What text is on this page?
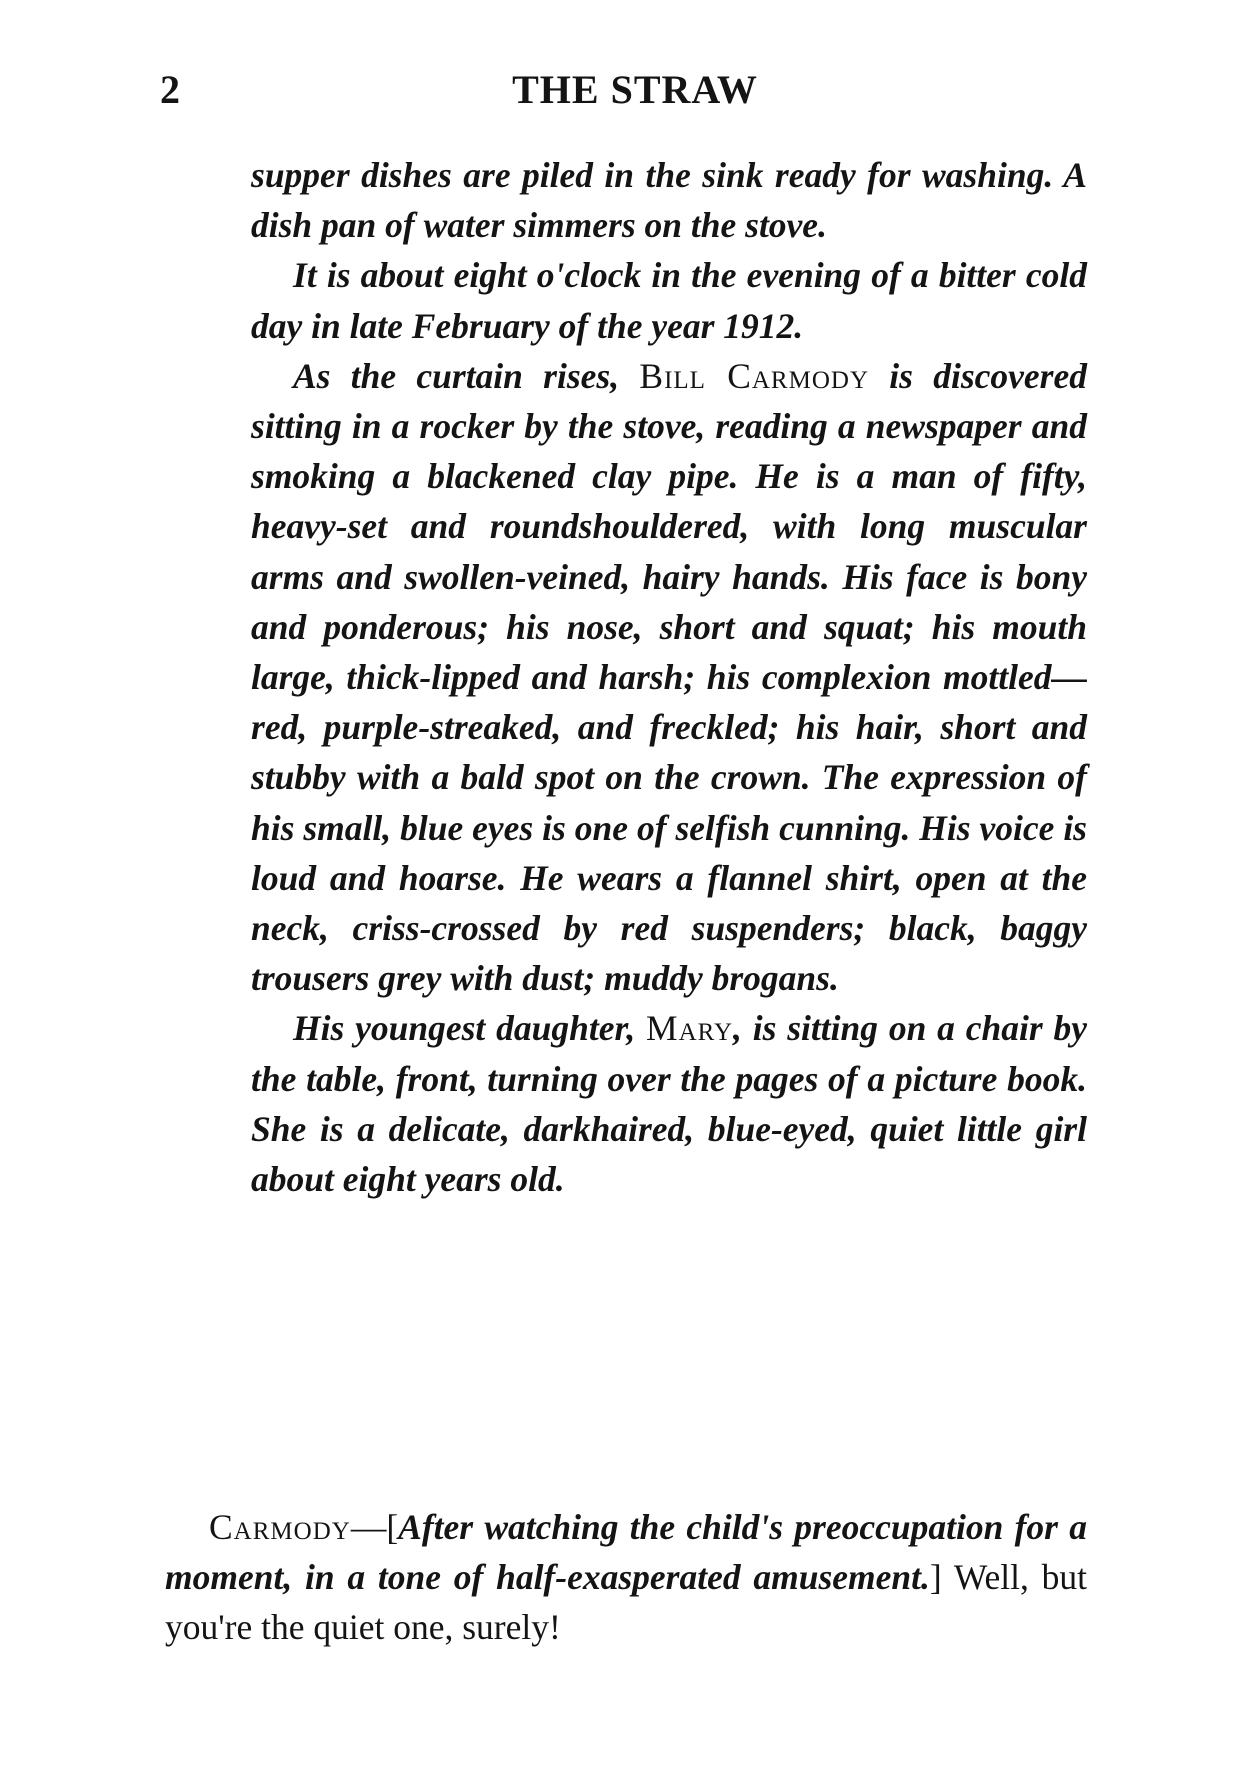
2	THE STRAW

supper dishes are piled in the sink ready for washing. A dish pan of water simmers on the stove.

It is about eight o'clock in the evening of a bitter cold day in late February of the year 1912.

As the curtain rises, Bill Carmody is discovered sitting in a rocker by the stove, reading a newspaper and smoking a blackened clay pipe. He is a man of fifty, heavy-set and roundshouldered, with long muscular arms and swollen-veined, hairy hands. His face is bony and ponderous; his nose, short and squat; his mouth large, thick-lipped and harsh; his complexion mottled—red, purple-streaked, and freckled; his hair, short and stubby with a bald spot on the crown. The expression of his small, blue eyes is one of selfish cunning. His voice is loud and hoarse. He wears a flannel shirt, open at the neck, criss-crossed by red suspenders; black, baggy trousers grey with dust; muddy brogans.

His youngest daughter, Mary, is sitting on a chair by the table, front, turning over the pages of a picture book. She is a delicate, darkhaired, blue-eyed, quiet little girl about eight years old.

Carmody—[After watching the child's preoccupation for a moment, in a tone of half-exasperated amusement.] Well, but you're the quiet one, surely!
